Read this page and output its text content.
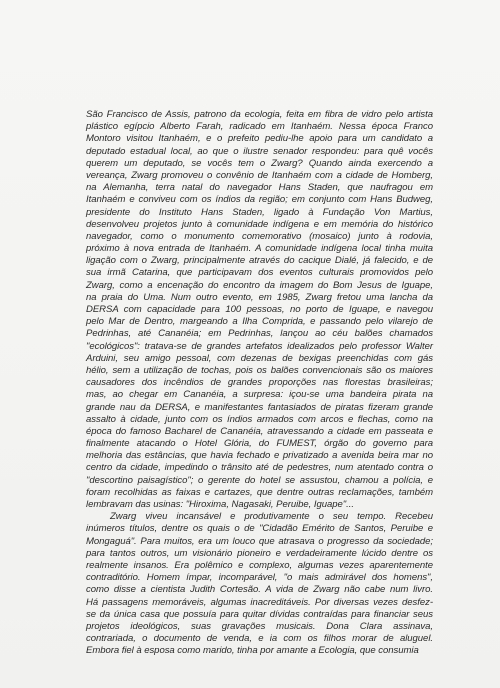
São Francisco de Assis, patrono da ecologia, feita em fibra de vidro pelo artista
plástico egípcio Alberto Farah, radicado em Itanhaém. Nessa época Franco
Montoro visitou Itanhaém, e o prefeito pediu-lhe apoio para um candidato a
deputado estadual local, ao que o ilustre senador respondeu: para quê vocês
querem um deputado, se vocês tem o Zwarg? Quando ainda exercendo a
vereança, Zwarg promoveu o convênio de Itanhaém com a cidade de Homberg,
na Alemanha, terra natal do navegador Hans Staden, que naufragou em
Itanhaém e conviveu com os índios da região; em conjunto com Hans Budweg,
presidente do Instituto Hans Staden, ligado à Fundação Von Martius,
desenvolveu projetos junto à comunidade indígena e em memória do histórico
navegador, como o monumento comemorativo (mosaico) junto à rodovia,
próximo à nova entrada de Itanhaém. A comunidade indígena local tinha muita
ligação com o Zwarg, principalmente através do cacique Dialé, já falecido, e de
sua irmã Catarina, que participavam dos eventos culturais promovidos pelo
Zwarg, como a encenação do encontro da imagem do Bom Jesus de Iguape,
na praia do Uma. Num outro evento, em 1985, Zwarg fretou uma lancha da
DERSA com capacidade para 100 pessoas, no porto de Iguape, e navegou
pelo Mar de Dentro, margeando a Ilha Comprida, e passando pelo vilarejo de
Pedrinhas, até Cananéia; em Pedrinhas, lançou ao céu balões chamados
"ecológicos": tratava-se de grandes artefatos idealizados pelo professor Walter
Arduini, seu amigo pessoal, com dezenas de bexigas preenchidas com gás
hélio, sem a utilização de tochas, pois os balões convencionais são os maiores
causadores dos incêndios de grandes proporções nas florestas brasileiras;
mas, ao chegar em Cananéia, a surpresa: içou-se uma bandeira pirata na
grande nau da DERSA, e manifestantes fantasiados de piratas fizeram grande
assalto à cidade, junto com os índios armados com arcos e flechas, como na
época do famoso Bacharel de Cananéia, atravessando a cidade em passeata e
finalmente atacando o Hotel Glória, do FUMEST, órgão do governo para
melhoria das estâncias, que havia fechado e privatizado a avenida beira mar no
centro da cidade, impedindo o trânsito até de pedestres, num atentado contra o
"descortino paisagístico"; o gerente do hotel se assustou, chamou a polícia, e
foram recolhidas as faixas e cartazes, que dentre outras reclamações, também
lembravam das usinas: "Hiroxima, Nagasaki, Peruibe, Iguape"...
Zwarg viveu incansável e produtivamente o seu tempo. Recebeu
inúmeros títulos, dentre os quais o de "Cidadão Emérito de Santos, Peruibe e
Mongaguá". Para muitos, era um louco que atrasava o progresso da sociedade;
para tantos outros, um visionário pioneiro e verdadeiramente lúcido dentre os
realmente insanos. Era polêmico e complexo, algumas vezes aparentemente
contraditório. Homem ímpar, incomparável, "o mais admirável dos homens",
como disse a cientista Judith Cortesão. A vida de Zwarg não cabe num livro.
Há passagens memoráveis, algumas inacreditáveis. Por diversas vezes desfez-
se da única casa que possuía para quitar dívidas contraídas para financiar seus
projetos ideológicos, suas gravações musicais. Dona Clara assinava,
contrariada, o documento de venda, e ia com os filhos morar de aluguel.
Embora fiel à esposa como marido, tinha por amante a Ecologia, que consumia
